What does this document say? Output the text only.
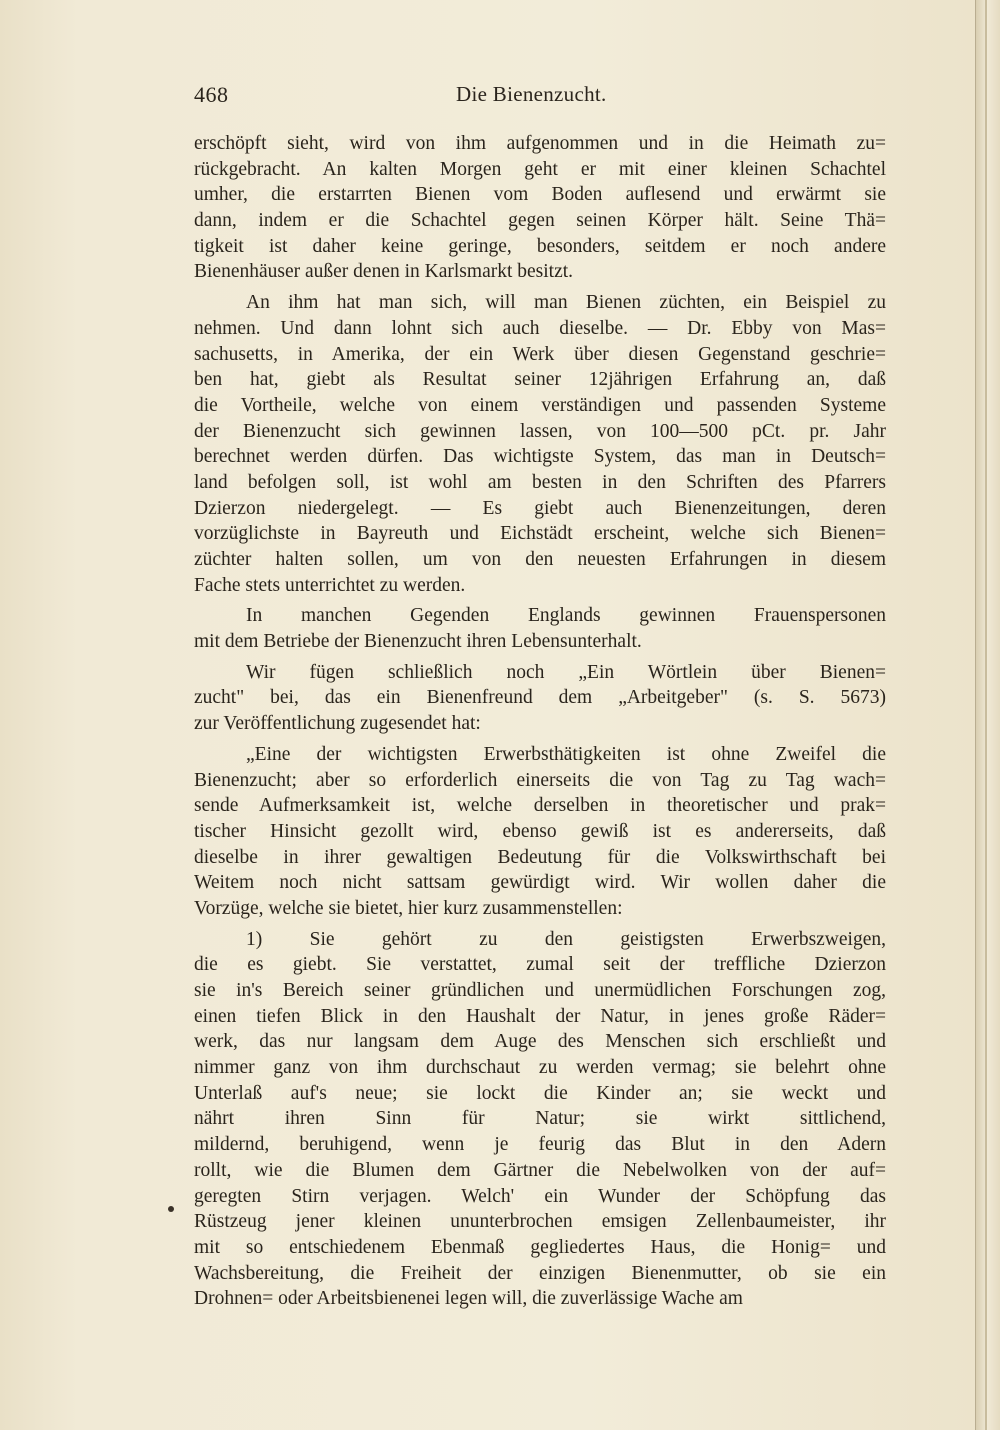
468	Die Bienenzucht.
erschöpft sieht, wird von ihm aufgenommen und in die Heimath zu=
rückgebracht. An kalten Morgen geht er mit einer kleinen Schachtel
umher, die erstarrten Bienen vom Boden auflesend und erwärmt sie
dann, indem er die Schachtel gegen seinen Körper hält. Seine Thä=
tigkeit ist daher keine geringe, besonders, seitdem er noch andere
Bienenhäuser außer denen in Karlsmarkt besitzt.
An ihm hat man sich, will man Bienen züchten, ein Beispiel zu
nehmen. Und dann lohnt sich auch dieselbe. — Dr. Ebby von Mas=
sachusetts, in Amerika, der ein Werk über diesen Gegenstand geschrie=
ben hat, giebt als Resultat seiner 12jährigen Erfahrung an, daß
die Vortheile, welche von einem verständigen und passenden Systeme
der Bienenzucht sich gewinnen lassen, von 100—500 pCt. pr. Jahr
berechnet werden dürfen. Das wichtigste System, das man in Deutsch=
land befolgen soll, ist wohl am besten in den Schriften des Pfarrers
Dzierzon niedergelegt. — Es giebt auch Bienenzeitungen, deren
vorzüglichste in Bayreuth und Eichstädt erscheint, welche sich Bienen=
züchter halten sollen, um von den neuesten Erfahrungen in diesem
Fache stets unterrichtet zu werden.
In manchen Gegenden Englands gewinnen Frauenspersonen
mit dem Betriebe der Bienenzucht ihren Lebensunterhalt.
Wir fügen schließlich noch „Ein Wörtlein über Bienen=
zucht" bei, das ein Bienenfreund dem „Arbeitgeber" (s. S. 5673)
zur Veröffentlichung zugesendet hat:
„Eine der wichtigsten Erwerbsthätigkeiten ist ohne Zweifel die
Bienenzucht; aber so erforderlich einerseits die von Tag zu Tag wach=
sende Aufmerksamkeit ist, welche derselben in theoretischer und prak=
tischer Hinsicht gezollt wird, ebenso gewiß ist es andererseits, daß
dieselbe in ihrer gewaltigen Bedeutung für die Volkswirthschaft bei
Weitem noch nicht sattsam gewürdigt wird. Wir wollen daher die
Vorzüge, welche sie bietet, hier kurz zusammenstellen:
1) Sie gehört zu den geistigsten Erwerbszweigen,
die es giebt. Sie verstattet, zumal seit der treffliche Dzierzon
sie in's Bereich seiner gründlichen und unermüdlichen Forschungen zog,
einen tiefen Blick in den Haushalt der Natur, in jenes große Räder=
werk, das nur langsam dem Auge des Menschen sich erschließt und
nimmer ganz von ihm durchschaut zu werden vermag; sie belehrt ohne
Unterlaß auf's neue; sie lockt die Kinder an; sie weckt und
nährt ihren Sinn für Natur; sie wirkt sittlichend,
mildernd, beruhigend, wenn je feurig das Blut in den Adern
rollt, wie die Blumen dem Gärtner die Nebelwolken von der auf=
geregten Stirn verjagen. Welch' ein Wunder der Schöpfung das
Rüstzeug jener kleinen ununterbrochen emsigen Zellenbaumeister, ihr
mit so entschiedenem Ebenmaß gegliedertes Haus, die Honig= und
Wachsbereitung, die Freiheit der einzigen Bienenmutter, ob sie ein
Drohnen= oder Arbeitsbienenei legen will, die zuverlässige Wache am
